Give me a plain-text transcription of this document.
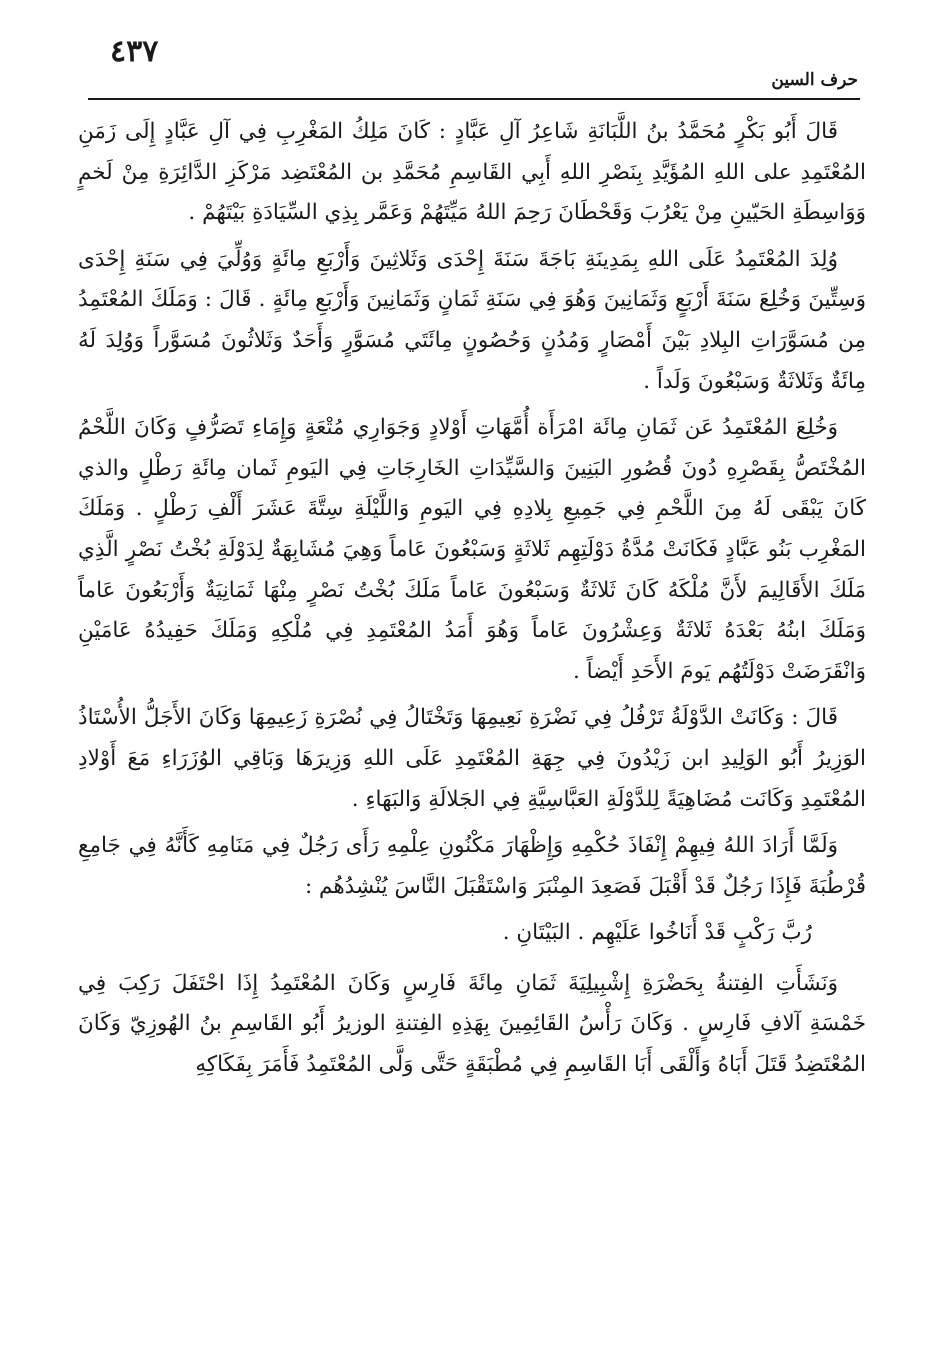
٤٣٧
حرف السين

قَالَ أَبُو بَكْرٍ مُحَمَّدُ بنُ اللَّبَانَةِ شَاعِرُ آلِ عَبَّادٍ : كَانَ مَلِكُ المَغْرِبِ فِي آلِ عَبَّادٍ إِلَى زَمَنِ المُعْتَمِدِ على اللهِ المُؤَيَّدِ بِنَصْرِ اللهِ أَبِي القَاسِمِ مُحَمَّدِ بن المُعْتَضِد مَرْكَزِ الدَّائِرَةِ مِنْ لَخمٍ وَوَاسِطَةِ الحَيّينِ مِنْ يَعْرُبَ وَقَحْطَانَ رَحِمَ اللهُ مَيِّتَهُمْ وَعَمَّر بِذِي السِّيَادَةِ بَيْتَهُمْ .

وُلِدَ المُعْتَمِدُ عَلَى اللهِ بِمَدِينَةِ بَاجَةَ سَنَةَ إِحْدَى وَثَلاثِينَ وَأَرْبَعِ مِائَةٍ وَوُلِّيَ فِي سَنَةِ إِحْدَى وَسِتِّينَ وَخُلِعَ سَنَةَ أَرْبَعٍ وَثَمَانِينَ وَهُوَ فِي سَنَةِ ثَمَانٍ وَثَمَانِينَ وَأَرْبَعِ مِائَةٍ . قَالَ : وَمَلَكَ المُعْتَمِدُ مِن مُسَوَّرَاتِ البِلادِ بَيْنَ أَمْصَارٍ وَمُدُنٍ وَحُصُونٍ مِائَتَي مُسَوَّرٍ وَأَحَدٌ وَثَلاثُونَ مُسَوَّراً وَوُلِدَ لَهُ مِائَةٌ وَثَلاثَةٌ وَسَبْعُونَ وَلَداً .

وَخُلِعَ المُعْتَمِدُ عَن ثَمَانِ مِائَة امْرَأَة أُمَّهَاتِ أَوْلادٍ وَجَوَارِي مُتْعَةٍ وَإِمَاءِ تَصَرُّفٍ وَكَانَ اللَّحْمُ المُخْتَصُّ بِقَصْرِهِ دُونَ قُصُورِ البَنِينَ وَالسَّيِّدَاتِ الخَارِجَاتِ فِي اليَومِ ثَمان مِائَةِ رَطْلٍ والذي كَانَ يَبْقَى لَهُ مِنَ اللَّحْمِ فِي جَمِيعِ بِلادِهِ فِي اليَومِ وَاللَّيْلَةِ سِتَّةَ عَشَرَ أَلْفِ رَطْلٍ . وَمَلَكَ المَغْرِب بَنُو عَبَّادٍ فَكَانَتْ مُدَّةُ دَوْلَتِهِم ثَلاثَةٍ وَسَبْعُونَ عَاماً وَهِيَ مُشَابِهَةٌ لِدَوْلَةِ بُخْتُ نَصْرٍ الَّذِي مَلَكَ الأَقَالِيمَ لأَنَّ مُلْكَهُ كَانَ ثَلاثَةٌ وَسَبْعُونَ عَاماً مَلَكَ بُخْتُ نَصْرٍ مِنْهَا ثَمَانِيَةٌ وَأَرْبَعُونَ عَاماً وَمَلَكَ ابنُهُ بَعْدَهُ ثَلاثَةٌ وَعِشْرُونَ عَاماً وَهُوَ أَمَدُ المُعْتَمِدِ فِي مُلْكِهِ وَمَلَكَ حَفِيدُهُ عَامَيْنِ وَانْقَرَضَتْ دَوْلَتُهُم يَومَ الأَحَدِ أَيْضاً .

قَالَ : وَكَانَتْ الدَّوْلَةُ تَرْفُلُ فِي نَضْرَةِ نَعِيمِهَا وَتَخْتَالُ فِي نُصْرَةِ زَعِيمِهَا وَكَانَ الأَجَلُّ الأُسْتَاذُ الوَزِيرُ أَبُو الوَلِيدِ ابن زَيْدُونَ فِي جِهَةِ المُعْتَمِدِ عَلَى اللهِ وَزِيرَهَا وَبَاقِي الوُزَرَاءِ مَعَ أَوْلادِ المُعْتَمِدِ وَكَانَت مُضَاهِيَةً لِلدَّوْلَةِ العَبَّاسِيَّةِ فِي الجَلالَةِ وَالبَهَاءِ .

وَلَمَّا أَرَادَ اللهُ فِيهِمْ إِنْفَاذَ حُكْمِهِ وَإِظْهَارَ مَكْنُونِ عِلْمِهِ رَأَى رَجُلٌ فِي مَنَامِهِ كَأَنَّهُ فِي جَامِعِ قُرْطُبَةَ فَإِذَا رَجُلٌ قَدْ أَقْبَلَ فَصَعِدَ المِنْبَرَ وَاسْتَقْبَلَ النَّاسَ يُنْشِدُهُم :

رُبَّ رَكْبٍ قَدْ أَنَاخُوا عَلَيْهِم . البَيْتَانِ .

وَنَشَأَتِ الفِتنةُ بِحَضْرَةِ إِشْبِيلِيَةَ ثَمَانِ مِائَةَ فَارِسٍ وَكَانَ المُعْتَمِدُ إِذَا احْتَفَلَ رَكِبَ فِي خَمْسَةِ آلافِ فَارِسٍ . وَكَانَ رَأْسُ القَائِمِينَ بِهَذِهِ الفِتنةِ الوزيرُ أَبُو القَاسِمِ بنُ الهُوزِيّ وَكَانَ المُعْتَضِدُ قَتَلَ أَبَاهُ وَأَلْقَى أَبَا القَاسِمِ فِي مُطْبَقَةٍ حَتَّى وَلَّى المُعْتَمِدُ فَأَمَرَ بِفَكَاكِهِ
